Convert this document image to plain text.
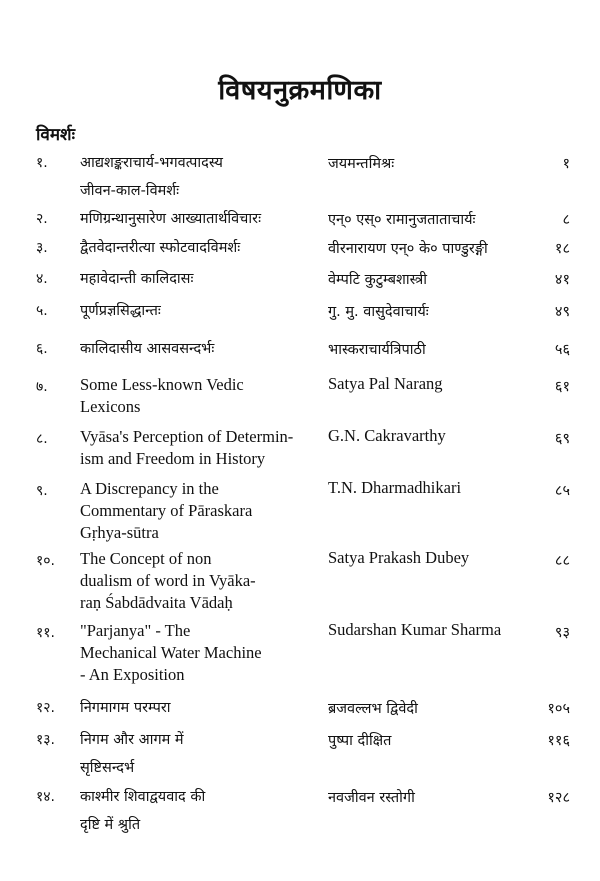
विषयनुक्रमणिका
विमर्शः
१. आद्यशङ्कराचार्य-भगवत्पादस्य
जीवन-काल-विमर्शः
जयमन्तमिश्रः	१
२. मणिग्रन्थानुसारेण आख्यातार्थविचारः	एन्० एस्० रामानुजताताचार्यः	८
३. द्वैतवेदान्तरीत्या स्फोटवादविमर्शः	वीरनारायण एन्० के० पाण्डुरङ्गी	१८
४. महावेदान्ती कालिदासः	वेम्पटि कुटुम्बशास्त्री	४१
५. पूर्णप्रज्ञसिद्धान्तः	गु. मु. वासुदेवाचार्यः	४९
६. कालिदासीय आसवसन्दर्भः	भास्कराचार्यत्रिपाठी	५६
७. Some Less-known Vedic
Lexicons
Satya Pal Narang	६१
८. Vyāsa's Perception of Determin-
ism and Freedom in History
G.N. Cakravarthy	६९
९. A Discrepancy in the
Commentary of Pāraskara
Gṛhya-sūtra
T.N. Dharmadhikari	८५
१०. The Concept of non
dualism of word in Vyāka-
raṇ Śabdādvaita Vādaḥ
Satya Prakash Dubey	८८
११. "Parjanya" - The
Mechanical Water Machine
- An Exposition
Sudarshan Kumar Sharma	९३
१२. निगमागम परम्परा	ब्रजवल्लभ द्विवेदी	१०५
१३. निगम और आगम में
सृष्टिसन्दर्भ
पुष्पा दीक्षित	११६
१४. काश्मीर शिवाद्वयवाद की
दृष्टि में श्रुति
नवजीवन रस्तोगी	१२८
